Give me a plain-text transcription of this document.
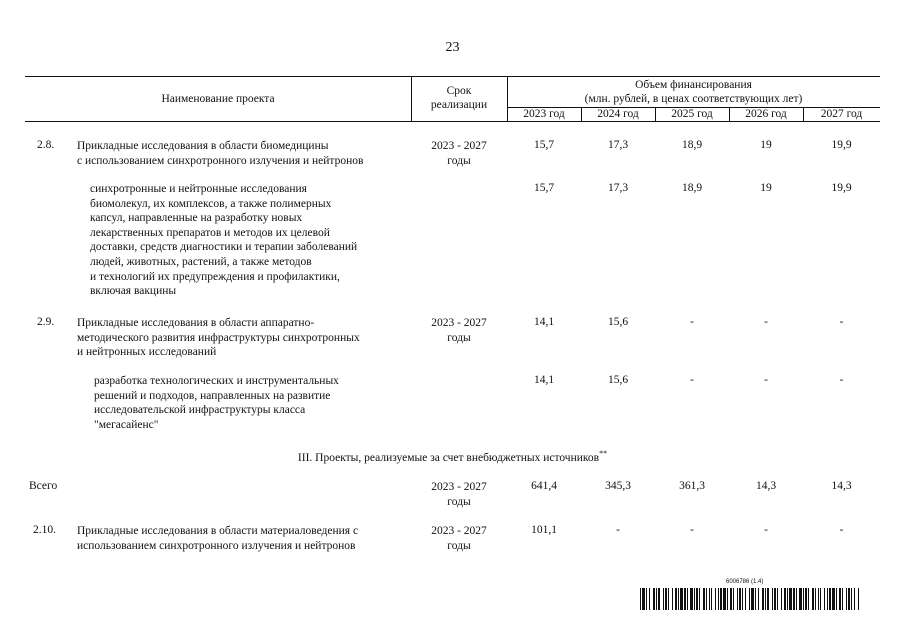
23
Наименование проекта
Срок
реализации
Объем финансирования
(млн. рублей, в ценах соответствующих лет)
2023 год	2024 год	2025 год	2026 год	2027 год
2.8. Прикладные исследования в области биомедицины
с использованием синхротронного излучения и нейтронов
2023 - 2027
годы
15,7	17,3	18,9	19	19,9
синхротронные и нейтронные исследования
биомолекул, их комплексов, а также полимерных
капсул, направленные на разработку новых
лекарственных препаратов и методов их целевой
доставки, средств диагностики и терапии заболеваний
людей, животных, растений, а также методов
и технологий их предупреждения и профилактики,
включая вакцины
15,7	17,3	18,9	19	19,9
2.9. Прикладные исследования в области аппаратно-
методического развития инфраструктуры синхротронных
и нейтронных исследований
2023 - 2027
годы
14,1	15,6	-	-	-
разработка технологических и инструментальных
решений и подходов, направленных на развитие
исследовательской инфраструктуры класса
"мегасайенс"
14,1	15,6	-	-	-
III. Проекты, реализуемые за счет внебюджетных источников**
Всего	2023 - 2027
годы
641,4	345,3	361,3	14,3	14,3
2.10. Прикладные исследования в области материаловедения с
использованием синхротронного излучения и нейтронов
2023 - 2027
годы
101,1	-	-	-	-
6006786 (1.4)
